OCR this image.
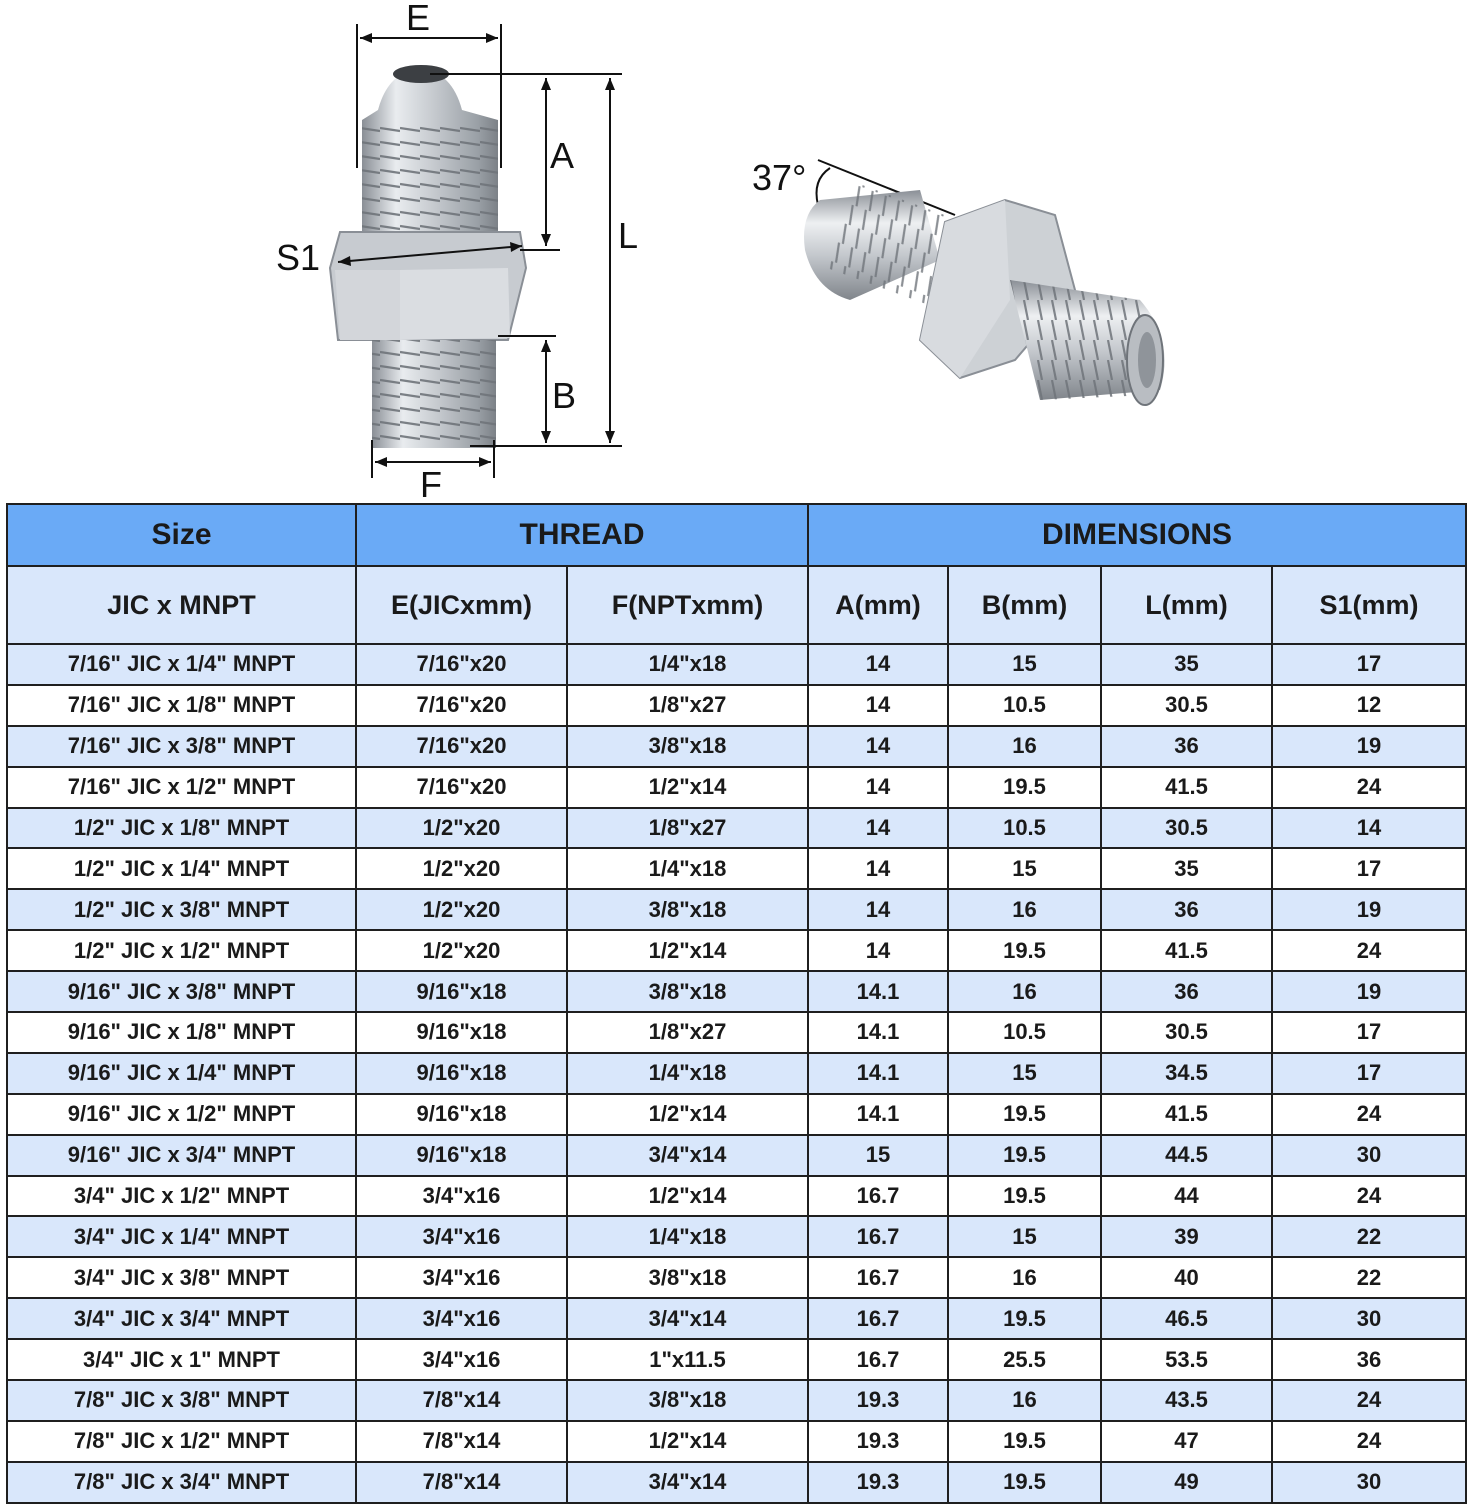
E
A
L
S1
B
F
37°
Size	THREAD		DIMENSIONS			
JIC x MNPT	E(JICxmm)	F(NPTxmm)	A(mm)	B(mm)	L(mm)	S1(mm)
7/16" JIC x 1/4" MNPT	7/16"x20	1/4"x18	14	15	35	17
7/16" JIC x 1/8" MNPT	7/16"x20	1/8"x27	14	10.5	30.5	12
7/16" JIC x 3/8" MNPT	7/16"x20	3/8"x18	14	16	36	19
7/16" JIC x 1/2" MNPT	7/16"x20	1/2"x14	14	19.5	41.5	24
1/2" JIC x 1/8" MNPT	1/2"x20	1/8"x27	14	10.5	30.5	14
1/2" JIC x 1/4" MNPT	1/2"x20	1/4"x18	14	15	35	17
1/2" JIC x 3/8" MNPT	1/2"x20	3/8"x18	14	16	36	19
1/2" JIC x 1/2" MNPT	1/2"x20	1/2"x14	14	19.5	41.5	24
9/16" JIC x 3/8" MNPT	9/16"x18	3/8"x18	14.1	16	36	19
9/16" JIC x 1/8" MNPT	9/16"x18	1/8"x27	14.1	10.5	30.5	17
9/16" JIC x 1/4" MNPT	9/16"x18	1/4"x18	14.1	15	34.5	17
9/16" JIC x 1/2" MNPT	9/16"x18	1/2"x14	14.1	19.5	41.5	24
9/16" JIC x 3/4" MNPT	9/16"x18	3/4"x14	15	19.5	44.5	30
3/4" JIC x 1/2" MNPT	3/4"x16	1/2"x14	16.7	19.5	44	24
3/4" JIC x 1/4" MNPT	3/4"x16	1/4"x18	16.7	15	39	22
3/4" JIC x 3/8" MNPT	3/4"x16	3/8"x18	16.7	16	40	22
3/4" JIC x 3/4" MNPT	3/4"x16	3/4"x14	16.7	19.5	46.5	30
3/4" JIC x 1" MNPT	3/4"x16	1"x11.5	16.7	25.5	53.5	36
7/8" JIC x 3/8" MNPT	7/8"x14	3/8"x18	19.3	16	43.5	24
7/8" JIC x 1/2" MNPT	7/8"x14	1/2"x14	19.3	19.5	47	24
7/8" JIC x 3/4" MNPT	7/8"x14	3/4"x14	19.3	19.5	49	30
